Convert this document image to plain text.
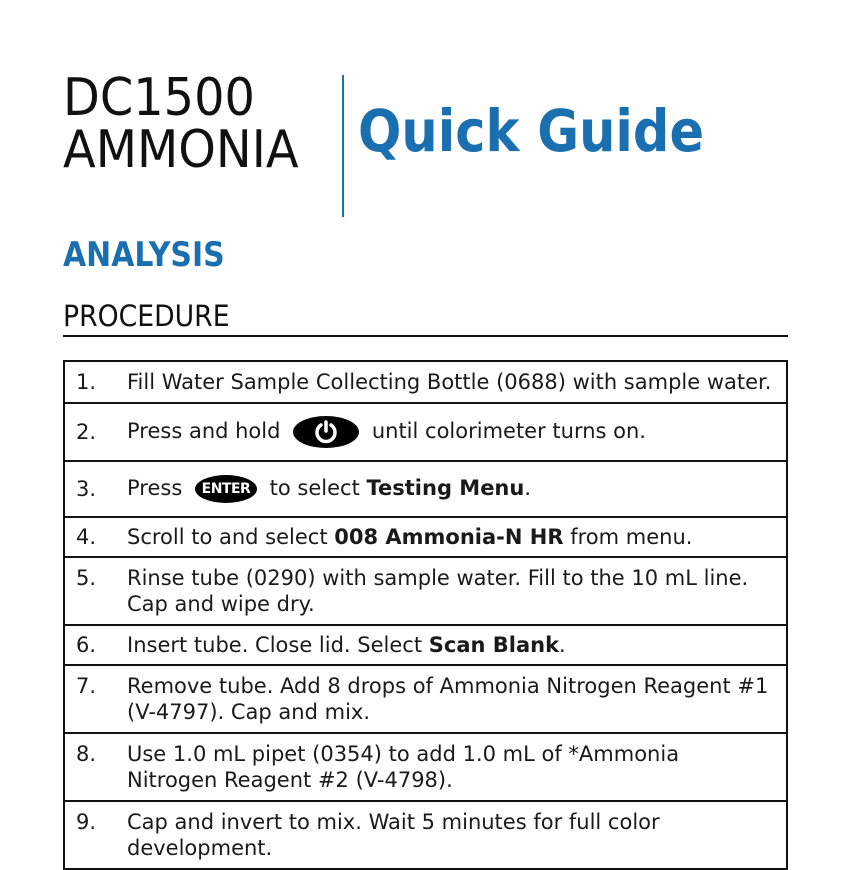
DC1500
AMMONIA Quick Guide
ANALYSIS
PROCEDURE
1.	Fill Water Sample Collecting Bottle (0688) with sample water.
2.	Press and hold	until colorimeter turns on.
3.	Press ENTER to select Testing Menu.
4.	Scroll to and select 008 Ammonia-N HR from menu.
5.	Rinse tube (0290) with sample water. Fill to the 10 mL line. Cap and wipe dry.
6.	Insert tube. Close lid. Select Scan Blank.
7.	Remove tube. Add 8 drops of Ammonia Nitrogen Reagent #1 (V-4797). Cap and mix.
8.	Use 1.0 mL pipet (0354) to add 1.0 mL of *Ammonia Nitrogen Reagent #2 (V-4798).
9.	Cap and invert to mix. Wait 5 minutes for full color development.
